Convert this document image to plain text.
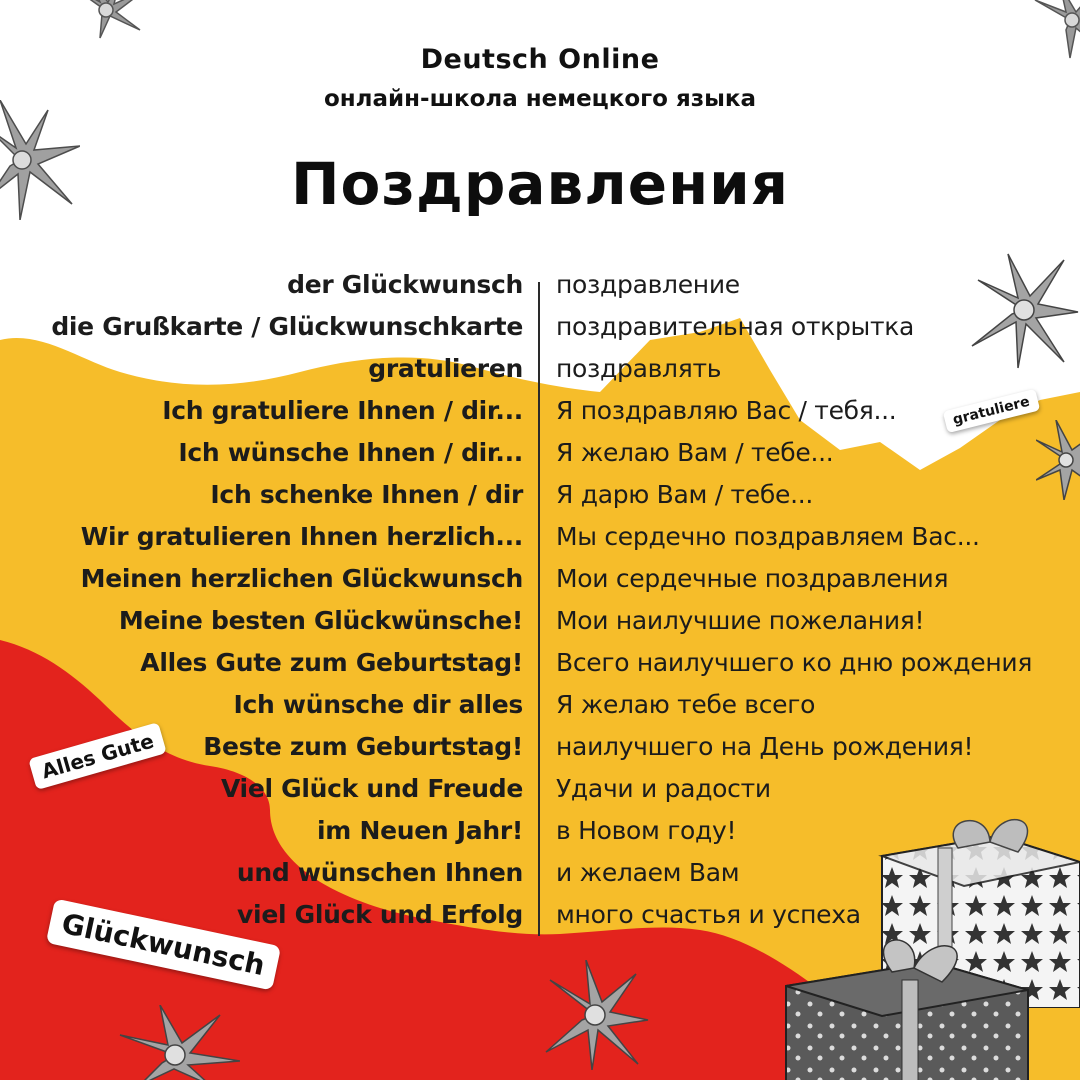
Deutsch Online
онлайн-школа немецкого языка
Поздравления
der Glückwunsch поздравление
die Grußkarte / Glückwunschkarte поздравительная открытка
gratulieren поздравлять
Ich gratuliere Ihnen / dir... Я поздравляю Вас / тебя...
Ich wünsche Ihnen / dir... Я желаю Вам / тебе...
Ich schenke Ihnen / dir Я дарю Вам / тебе...
Wir gratulieren Ihnen herzlich... Мы сердечно поздравляем Вас...
Meinen herzlichen Glückwunsch Мои сердечные поздравления
Meine besten Glückwünsche! Мои наилучшие пожелания!
Alles Gute zum Geburtstag! Всего наилучшего ко дню рождения
Ich wünsche dir alles Я желаю тебе всего
Beste zum Geburtstag! наилучшего на День рождения!
Viel Glück und Freude Удачи и радости
im Neuen Jahr! в Новом году!
und wünschen Ihnen и желаем Вам
viel Glück und Erfolg много счастья и успеха
Alles Gute
Glückwunsch
gratuliere
